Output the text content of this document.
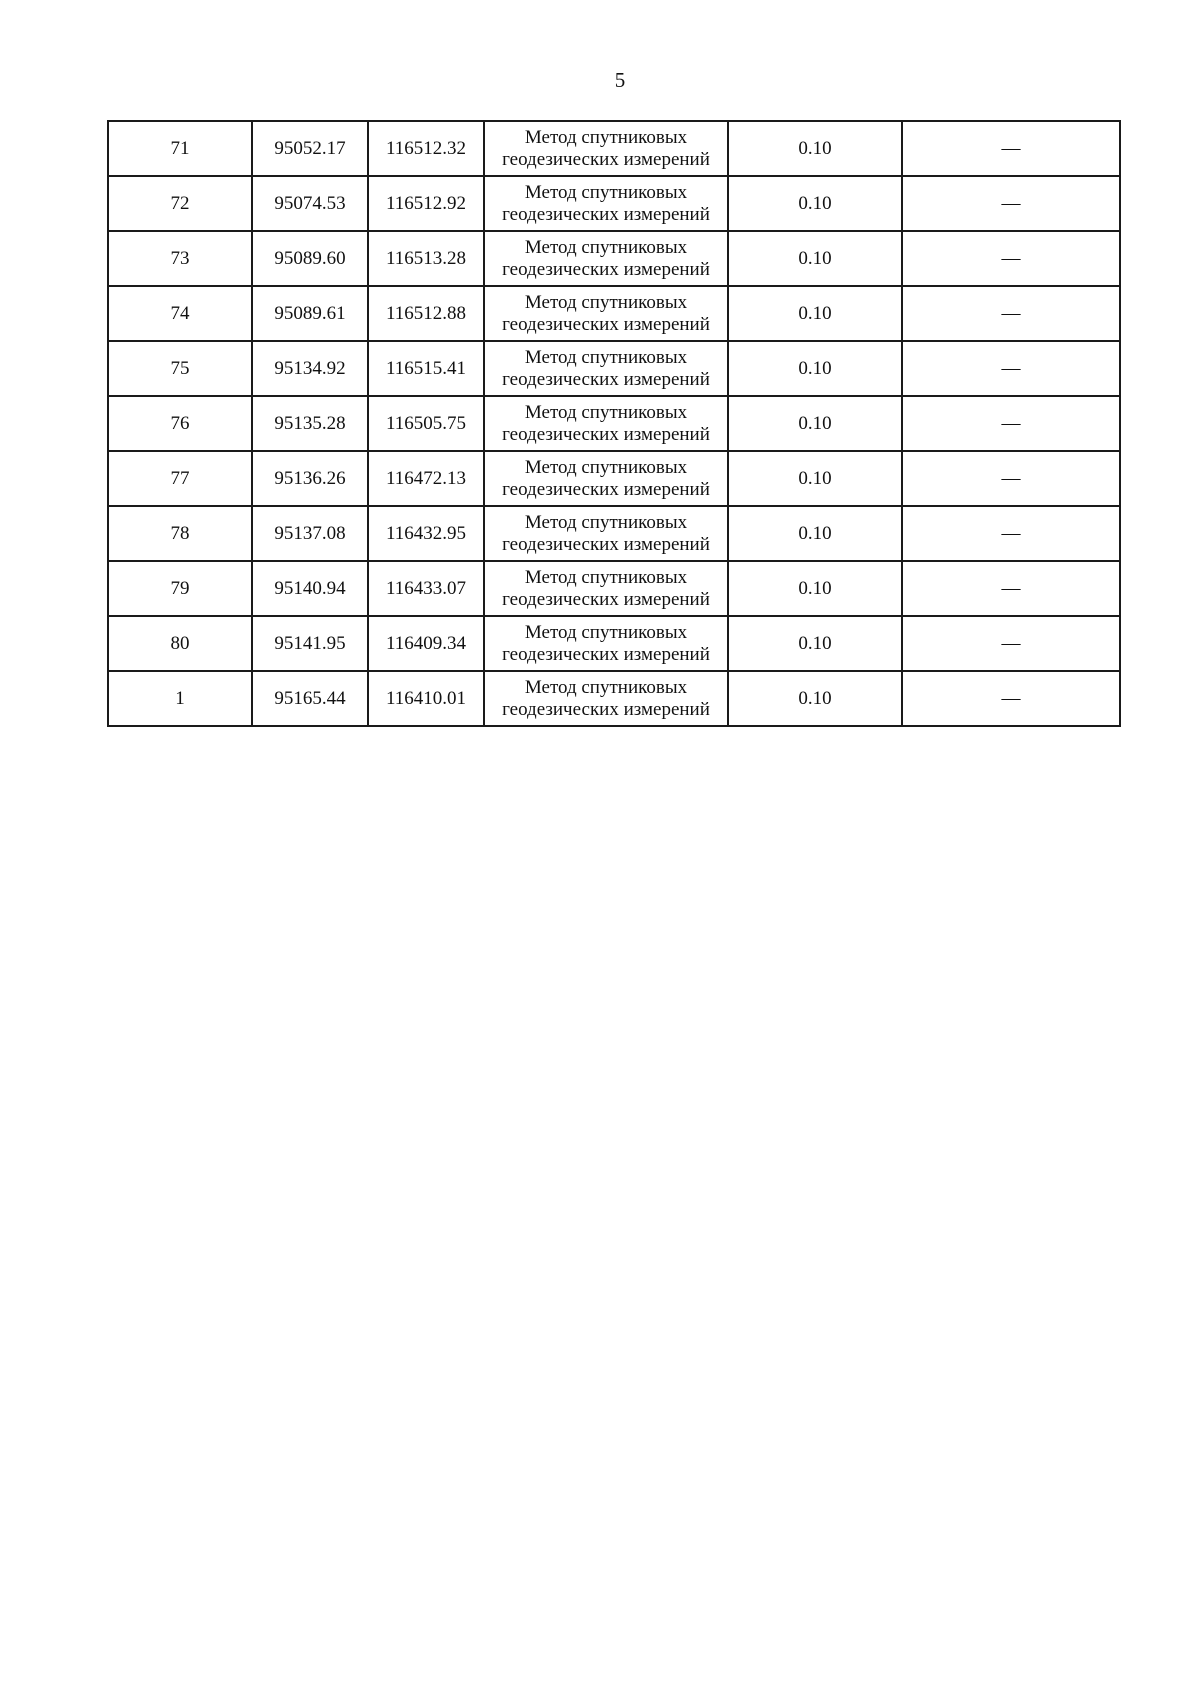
5
71	95052.17	116512.32	Метод спутниковых
геодезических измерений	0.10	—
72	95074.53	116512.92	Метод спутниковых
геодезических измерений	0.10	—
73	95089.60	116513.28	Метод спутниковых
геодезических измерений	0.10	—
74	95089.61	116512.88	Метод спутниковых
геодезических измерений	0.10	—
75	95134.92	116515.41	Метод спутниковых
геодезических измерений	0.10	—
76	95135.28	116505.75	Метод спутниковых
геодезических измерений	0.10	—
77	95136.26	116472.13	Метод спутниковых
геодезических измерений	0.10	—
78	95137.08	116432.95	Метод спутниковых
геодезических измерений	0.10	—
79	95140.94	116433.07	Метод спутниковых
геодезических измерений	0.10	—
80	95141.95	116409.34	Метод спутниковых
геодезических измерений	0.10	—
1	95165.44	116410.01	Метод спутниковых
геодезических измерений	0.10	—
